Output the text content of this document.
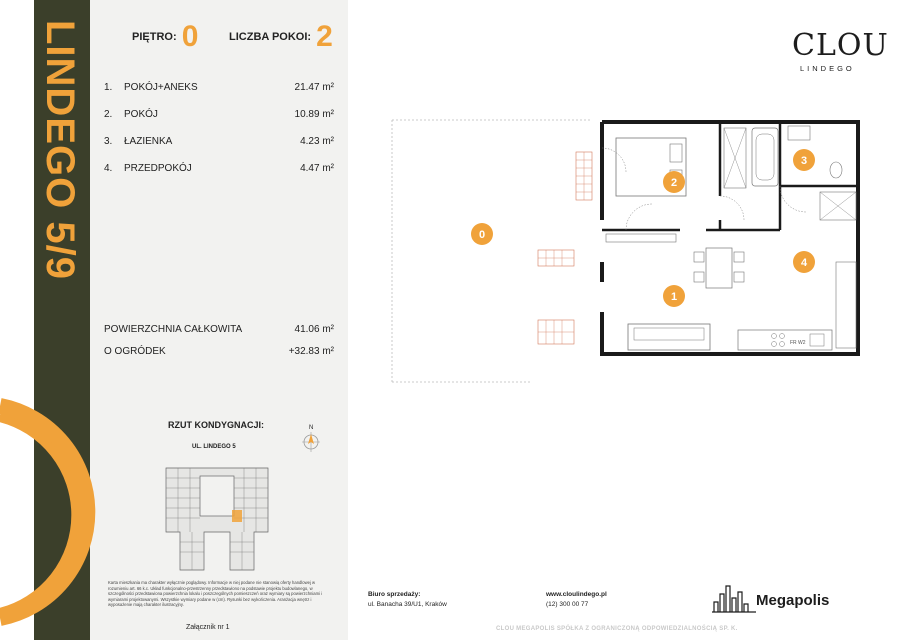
LINDEGO 5/9	PIĘTRO: 0	LICZBA POKOI: 2
1. POKÓJ+ANEKS	21.47 m²
2. POKÓJ	10.89 m²
3. ŁAZIENKA	4.23 m²
4. PRZEDPOKÓJ	4.47 m²
POWIERZCHNIA CAŁKOWITA	41.06 m²
O OGRÓDEK	+32.83 m²
RZUT KONDYGNACJI:
UL. LINDEGO 5
N
Karta mieszkania ma charakter wyłącznie poglądowy. Informacje w niej podane nie stanowią oferty handlowej w rozumieniu art. 66 k.c. Układ funkcjonalno-przestrzenny przedstawiono na podstawie projektu budowlanego, w szczególności przedstawiona powierzchnia lokalu i poszczególnych pomieszczeń oraz wymiary są powierzchniami i wymiarami projektowanymi. Wszystkie wymiary podane w (cm). Rysunki bez wykończenia. Aranżacja wnętrz i wyposażenie mają charakter ilustracyjny.
Załącznik nr 1
CLOU
LINDEGO
FR W2
0
1
2
3
4
Biuro sprzedaży:
ul. Banacha 39/U1, Kraków
www.cloulindego.pl
(12) 300 00 77	Megapolis
CLOU MEGAPOLIS SPÓŁKA Z OGRANICZONĄ ODPOWIEDZIALNOŚCIĄ SP. K.
